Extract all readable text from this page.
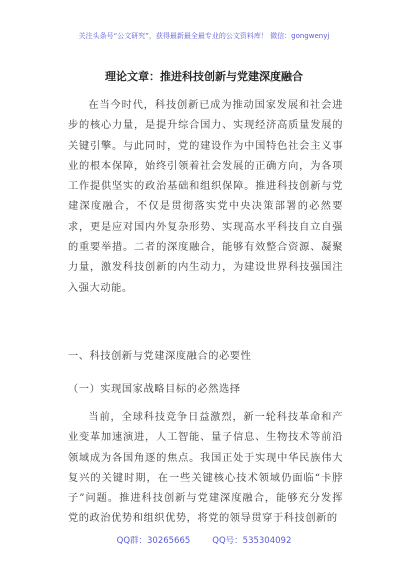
关注头条号“公文研究”，获得最新最全最专业的公文资料库！ 微信：gongwenyj
理论文章：推进科技创新与党建深度融合

在当今时代，科技创新已成为推动国家发展和社会进步的核心力量，是提升综合国力、实现经济高质量发展的关键引擎。与此同时，党的建设作为中国特色社会主义事业的根本保障，始终引领着社会发展的正确方向，为各项工作提供坚实的政治基础和组织保障。推进科技创新与党建深度融合，不仅是贯彻落实党中央决策部署的必然要求，更是应对国内外复杂形势、实现高水平科技自立自强的重要举措。二者的深度融合，能够有效整合资源、凝聚力量，激发科技创新的内生动力，为建设世界科技强国注入强大动能。

一、科技创新与党建深度融合的必要性
（一）实现国家战略目标的必然选择

当前，全球科技竞争日益激烈，新一轮科技革命和产业变革加速演进，人工智能、量子信息、生物技术等前沿领域成为各国角逐的焦点。我国正处于实现中华民族伟大复兴的关键时期，在一些关键核心技术领域仍面临“卡脖子”问题。推进科技创新与党建深度融合，能够充分发挥党的政治优势和组织优势，将党的领导贯穿于科技创新的

QQ群：30265665	QQ号：535304092
